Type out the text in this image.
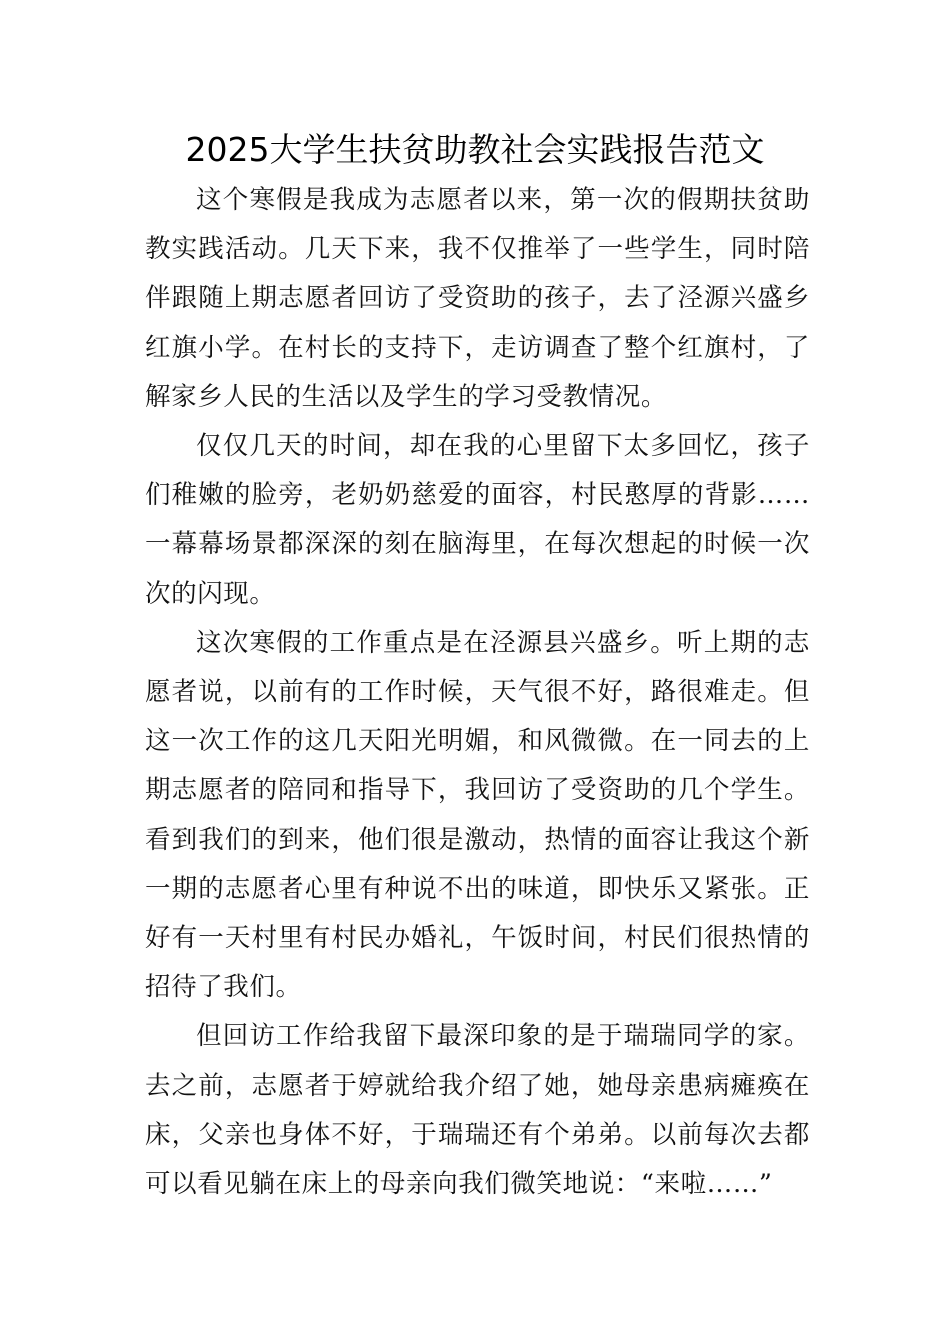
2025大学生扶贫助教社会实践报告范文

这个寒假是我成为志愿者以来，第一次的假期扶贫助教实践活动。几天下来，我不仅推举了一些学生，同时陪伴跟随上期志愿者回访了受资助的孩子，去了泾源兴盛乡红旗小学。在村长的支持下，走访调查了整个红旗村，了解家乡人民的生活以及学生的学习受教情况。

仅仅几天的时间，却在我的心里留下太多回忆，孩子们稚嫩的脸旁，老奶奶慈爱的面容，村民憨厚的背影……一幕幕场景都深深的刻在脑海里，在每次想起的时候一次次的闪现。

这次寒假的工作重点是在泾源县兴盛乡。听上期的志愿者说，以前有的工作时候，天气很不好，路很难走。但这一次工作的这几天阳光明媚，和风微微。在一同去的上期志愿者的陪同和指导下，我回访了受资助的几个学生。看到我们的到来，他们很是激动，热情的面容让我这个新一期的志愿者心里有种说不出的味道，即快乐又紧张。正好有一天村里有村民办婚礼，午饭时间，村民们很热情的招待了我们。

但回访工作给我留下最深印象的是于瑞瑞同学的家。去之前，志愿者于婷就给我介绍了她，她母亲患病瘫痪在床，父亲也身体不好，于瑞瑞还有个弟弟。以前每次去都可以看见躺在床上的母亲向我们微笑地说：“来啦……”
